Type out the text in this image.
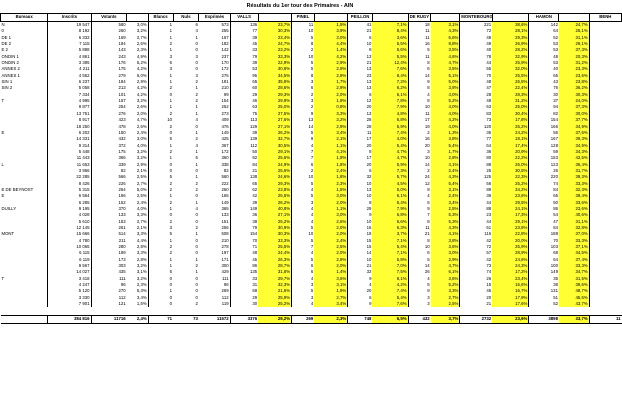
Résultats du 1er tour des Primaires - AIN
Bureaux	Inscrits	Votants		Blancs	Nuls	Exprimés	VALLS		PINEL		PEILLON		DE RUGY		MONTEBOURG		HAMON		BENH
N	19 547	580	3,0%	1	6	573	136	23,7%	11	1,9%	41	7,1%	18	3,1%	221	38,6%	142	24,7%	
0	8 192	260	3,2%	1	4	255	77	30,3%	10	3,9%	21	8,4%	11	4,3%	72	28,1%	64	25,1%	
DE 1	6 332	169	2,7%	1	1	167	39	23,4%	5	3,0%	6	3,6%	11	6,6%	49	29,3%	52	31,1%	
DE 2	7 115	184	2,6%	2	0	182	45	24,7%	8	4,4%	10	5,5%	16	8,8%	49	26,9%	53	29,1%	
E 2	5 888	143	2,3%	1	0	142	33	23,2%	2	1,4%	8	5,6%	5	3,5%	40	28,2%	53	37,3%	
ONDIN 1	4 861	243	4,9%	3	3	237	79	33,3%	10	4,2%	13	5,5%	11	4,6%	78	32,9%	48	20,3%	
ONDIN 2	3 395	176	5,2%	6	0	170	39	22,9%	5	2,9%	21	12,4%	8	4,7%	44	25,9%	53	31,2%	
ANNES 2	4 211	175	4,2%	3	0	172	53	30,8%	5	2,9%	13	7,6%	6	3,5%	55	32,0%	40	23,3%	
ANNES 1	4 552	279	6,0%	1	3	275	95	34,5%	8	2,9%	23	8,4%	14	5,1%	70	25,5%	65	23,6%	
SIN 1	6 237	184	2,9%	1	2	181	65	35,9%	3	1,7%	13	7,2%	9	5,0%	48	26,5%	43	23,8%	
SIN 2	5 058	213	4,2%	2	1	210	60	28,6%	6	2,9%	13	6,2%	8	3,8%	47	22,4%	76	36,2%	
	7 334	101	4,2%	0	2	99	29	29,3%	2	2,0%	6	6,1%	4	4,0%	28	28,3%	30	30,3%	
T	4 995	157	3,2%	1	2	154	46	29,9%	3	1,9%	12	7,8%	8	5,2%	48	31,2%	37	24,0%	
	9 877	254	2,6%	1	1	252	63	25,0%	2	0,8%	20	7,9%	10	4,0%	63	25,0%	94	37,3%	
	13 751	276	2,0%	2	1	273	75	27,5%	9	3,3%	13	4,8%	11	4,0%	83	30,4%	82	30,0%	
	8 917	423	4,7%	10	4	409	113	27,6%	13	3,2%	28	6,8%	17	4,2%	73	17,8%	154	37,7%	
	18 250	478	2,6%	2	0	476	129	27,1%	14	2,9%	28	5,9%	19	4,0%	120	25,2%	166	34,9%	
E	6 202	150	2,4%	0	1	149	39	26,2%	5	3,4%	11	7,4%	2	1,3%	36	24,2%	56	37,6%	
	14 331	432	3,0%	5	2	425	139	32,7%	9	2,1%	17	4,0%	16	3,8%	77	18,1%	167	39,3%	
	9 314	372	4,0%	1	4	367	112	30,5%	4	1,1%	20	5,4%	20	5,4%	64	17,4%	128	34,9%	
	5 448	175	3,2%	2	1	172	50	29,1%	7	4,1%	8	4,7%	3	1,7%	36	20,9%	59	34,3%	
	11 443	366	3,2%	1	5	360	92	25,6%	7	1,9%	17	4,7%	10	2,8%	80	22,2%	153	42,5%	
L	11 653	339	2,9%	0	1	338	84	24,9%	6	1,8%	20	5,9%	14	4,1%	88	26,0%	123	36,4%	
	3 956	82	2,1%	0	0	82	21	25,6%	2	2,4%	6	7,3%	2	2,4%	25	30,5%	26	31,7%	
	22 285	566	2,5%	5	1	560	138	24,6%	10	1,8%	32	5,7%	24	4,3%	125	22,3%	220	39,3%	
	8 426	226	2,7%	2	2	222	65	29,3%	5	2,3%	10	4,5%	12	5,4%	56	25,2%	74	33,3%	
E DE BEYNOST	5 315	264	5,0%	2	2	260	62	23,8%	4	1,5%	13	5,0%	8	3,1%	89	34,2%	84	32,3%	
E	6 564	166	2,5%	1	0	165	42	25,5%	5	3,0%	10	6,1%	4	2,4%	39	23,6%	65	39,4%	
	6 285	152	2,4%	2	1	149	39	26,2%	3	2,0%	8	5,4%	5	3,4%	44	29,5%	50	33,6%	
DUILLY	9 195	370	4,0%	1	4	365	149	40,8%	4	1,1%	29	7,9%	9	2,5%	88	24,1%	86	23,6%	
	4 028	133	3,3%	0	0	133	36	27,1%	4	3,0%	9	6,8%	7	5,3%	23	17,3%	54	40,6%	
	5 610	153	2,7%	2	0	151	38	25,2%	4	2,6%	10	6,6%	8	5,3%	44	29,1%	47	31,1%	
	12 145	261	2,1%	3	2	256	79	30,9%	5	2,0%	16	6,3%	11	4,3%	61	23,8%	84	32,8%	
MONT	15 666	514	3,3%	5	1	508	154	30,3%	10	2,0%	19	3,7%	21	4,1%	116	22,8%	188	37,0%	
	4 780	211	4,4%	1	0	210	70	33,3%	5	2,4%	15	7,1%	8	3,8%	42	20,0%	70	33,3%	
	10 065	280	2,8%	2	0	278	71	25,5%	7	2,5%	15	5,4%	10	3,6%	72	25,9%	103	37,1%	
	6 115	199	3,3%	2	0	197	48	24,4%	4	2,0%	14	7,1%	6	3,0%	57	28,9%	68	34,5%	
	6 119	173	2,8%	1	1	171	45	26,3%	5	2,9%	10	5,8%	5	2,9%	42	24,6%	64	37,4%	
	9 567	303	3,2%	1	2	300	86	28,7%	6	2,0%	21	7,0%	14	4,7%	73	24,3%	100	33,3%	
	14 027	435	3,1%	5	1	429	135	31,5%	6	1,4%	32	7,5%	26	6,1%	74	17,2%	149	34,7%	
T	3 418	111	3,2%	0	0	111	33	29,7%	4	3,6%	9	8,1%	4	3,6%	26	23,4%	35	31,5%	
	4 247	96	2,3%	0	0	96	31	32,3%	3	3,1%	4	4,2%	5	5,2%	15	15,6%	38	39,6%	
	5 120	270	5,3%	1	0	269	58	21,6%	5	1,9%	20	7,4%	9	3,3%	45	16,7%	131	48,7%	
	3 330	112	3,4%	0	0	112	29	25,9%	3	2,7%	6	5,4%	3	2,7%	20	17,9%	51	45,5%	
	7 901	121	1,5%	0	2	119	30	25,2%	4	3,4%	9	7,6%	3	2,5%	21	17,6%	52	43,7%	

	384 816	11716	2,4%	71	73	11572	3376	29,2%	269	2,3%	748	6,5%	432	3,7%	2732	23,6%	3898	33,7%	11
